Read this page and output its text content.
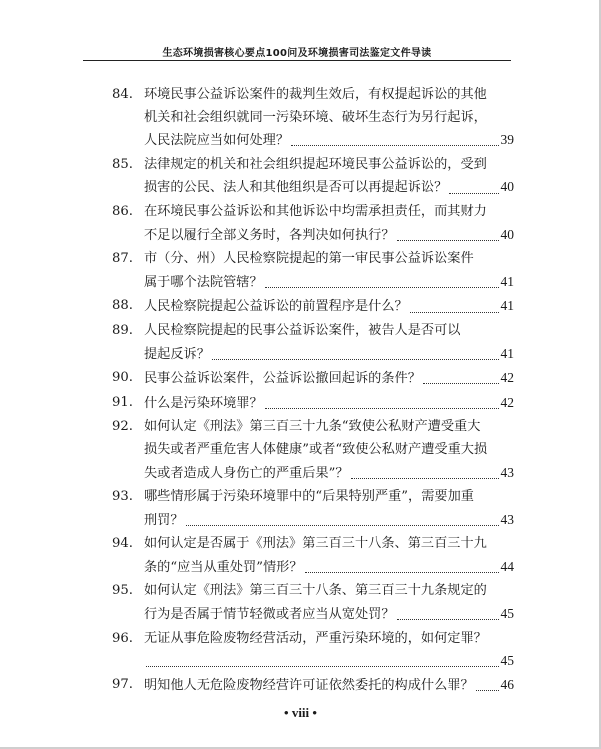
生态环境损害核心要点100问及环境损害司法鉴定文件导读
84. 环境民事公益诉讼案件的裁判生效后，有权提起诉讼的其他
机关和社会组织就同一污染环境、破坏生态行为另行起诉，
人民法院应当如何处理？	39
85. 法律规定的机关和社会组织提起环境民事公益诉讼的，受到
损害的公民、法人和其他组织是否可以再提起诉讼？	40
86. 在环境民事公益诉讼和其他诉讼中均需承担责任，而其财力
不足以履行全部义务时，各判决如何执行？	40
87. 市（分、州）人民检察院提起的第一审民事公益诉讼案件
属于哪个法院管辖？	41
88. 人民检察院提起公益诉讼的前置程序是什么？	41
89. 人民检察院提起的民事公益诉讼案件，被告人是否可以
提起反诉？	41
90. 民事公益诉讼案件，公益诉讼撤回起诉的条件？	42
91. 什么是污染环境罪？	42
92. 如何认定《刑法》第三百三十九条“致使公私财产遭受重大
损失或者严重危害人体健康”或者“致使公私财产遭受重大损
失或者造成人身伤亡的严重后果”？	43
93. 哪些情形属于污染环境罪中的“后果特别严重”，需要加重
刑罚？	43
94. 如何认定是否属于《刑法》第三百三十八条、第三百三十九
条的“应当从重处罚”情形？	44
95. 如何认定《刑法》第三百三十八条、第三百三十九条规定的
行为是否属于情节轻微或者应当从宽处罚？	45
96. 无证从事危险废物经营活动，严重污染环境的，如何定罪？
45
97. 明知他人无危险废物经营许可证依然委托的构成什么罪？ 46
• viii •
